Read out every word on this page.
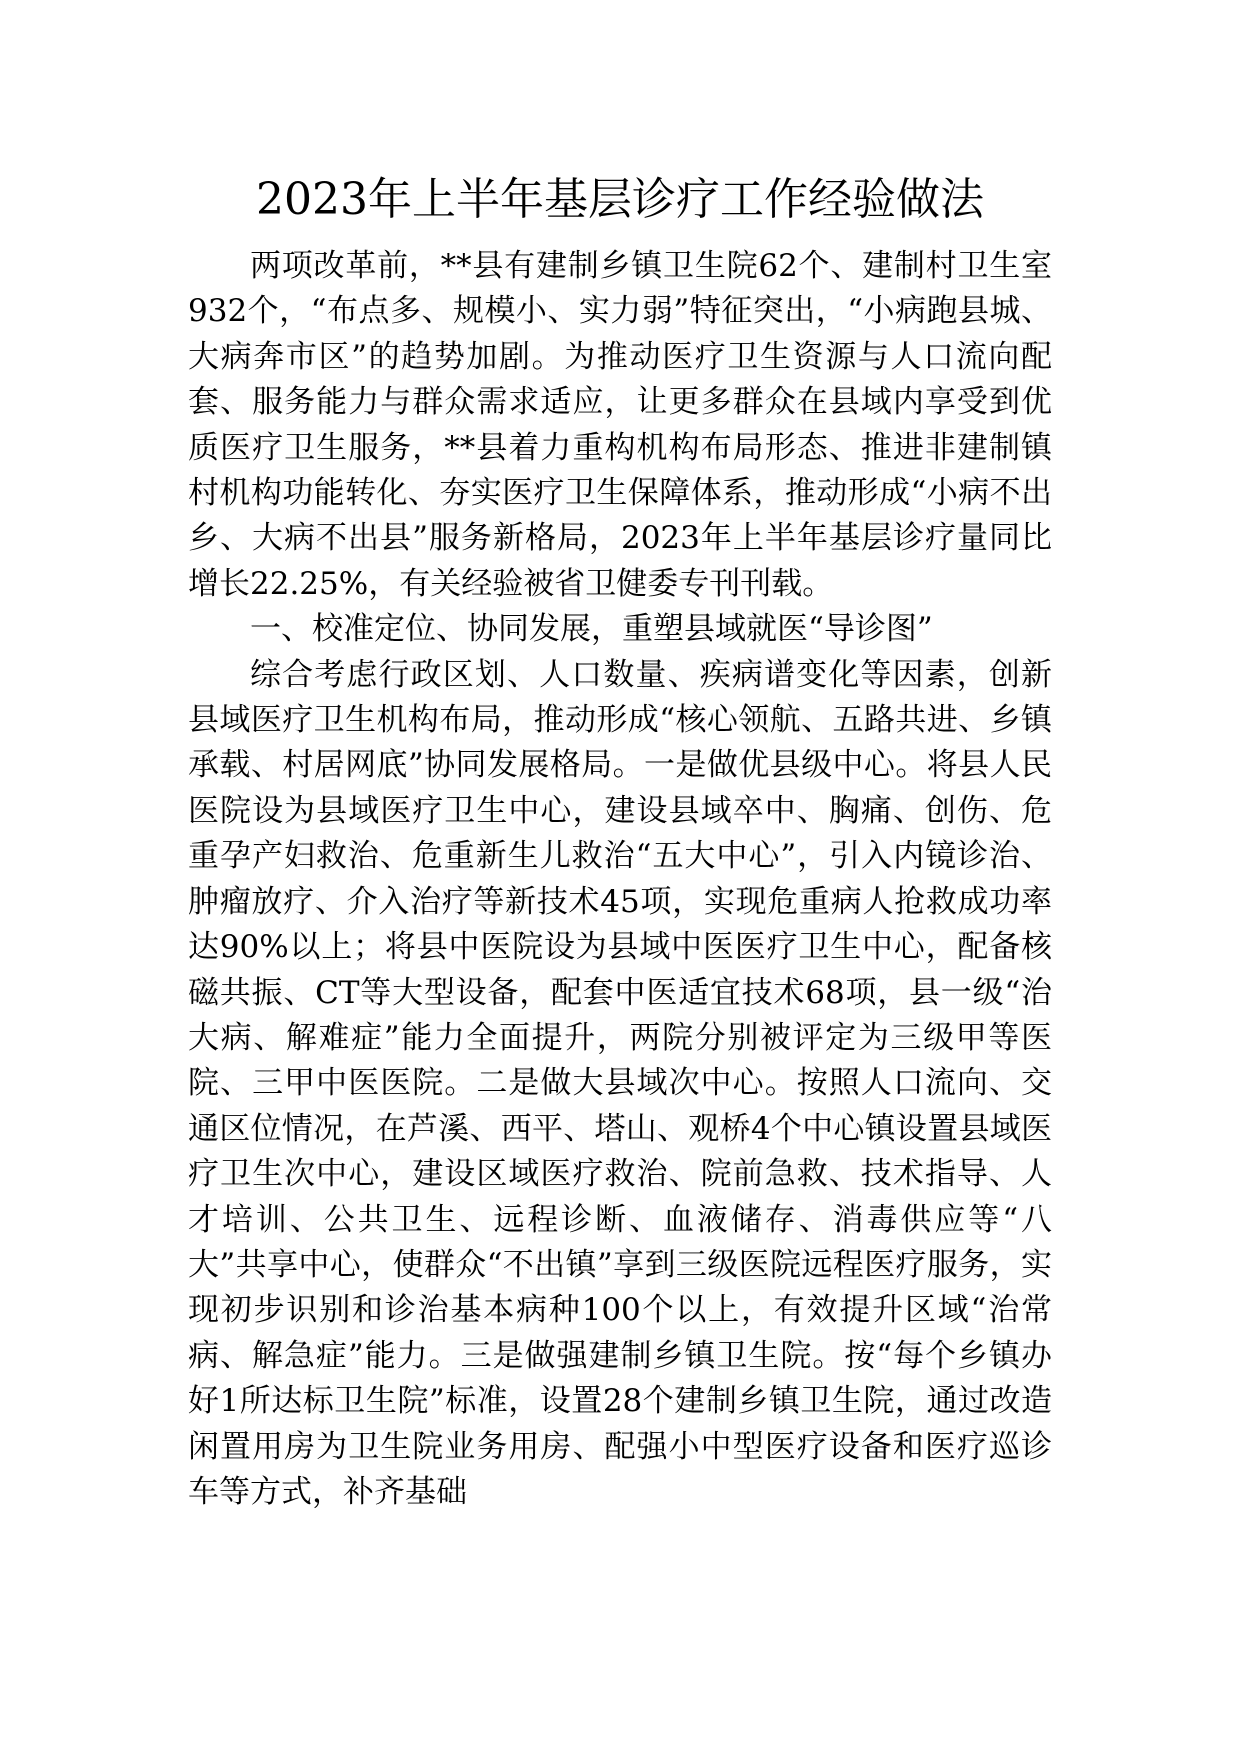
2023年上半年基层诊疗工作经验做法

两项改革前，**县有建制乡镇卫生院62个、建制村卫生室932个，“布点多、规模小、实力弱”特征突出，“小病跑县城、大病奔市区”的趋势加剧。为推动医疗卫生资源与人口流向配套、服务能力与群众需求适应，让更多群众在县域内享受到优质医疗卫生服务，**县着力重构机构布局形态、推进非建制镇村机构功能转化、夯实医疗卫生保障体系，推动形成“小病不出乡、大病不出县”服务新格局，2023年上半年基层诊疗量同比增长22.25%，有关经验被省卫健委专刊刊载。

一、校准定位、协同发展，重塑县域就医“导诊图”

综合考虑行政区划、人口数量、疾病谱变化等因素，创新县域医疗卫生机构布局，推动形成“核心领航、五路共进、乡镇承载、村居网底”协同发展格局。一是做优县级中心。将县人民医院设为县域医疗卫生中心，建设县域卒中、胸痛、创伤、危重孕产妇救治、危重新生儿救治“五大中心”，引入内镜诊治、肿瘤放疗、介入治疗等新技术45项，实现危重病人抢救成功率达90%以上；将县中医院设为县域中医医疗卫生中心，配备核磁共振、CT等大型设备，配套中医适宜技术68项，县一级“治大病、解难症”能力全面提升，两院分别被评定为三级甲等医院、三甲中医医院。二是做大县域次中心。按照人口流向、交通区位情况，在芦溪、西平、塔山、观桥4个中心镇设置县域医疗卫生次中心，建设区域医疗救治、院前急救、技术指导、人才培训、公共卫生、远程诊断、血液储存、消毒供应等“八大”共享中心，使群众“不出镇”享到三级医院远程医疗服务，实现初步识别和诊治基本病种100个以上，有效提升区域“治常病、解急症”能力。三是做强建制乡镇卫生院。按“每个乡镇办好1所达标卫生院”标准，设置28个建制乡镇卫生院，通过改造闲置用房为卫生院业务用房、配强小中型医疗设备和医疗巡诊车等方式，补齐基础
